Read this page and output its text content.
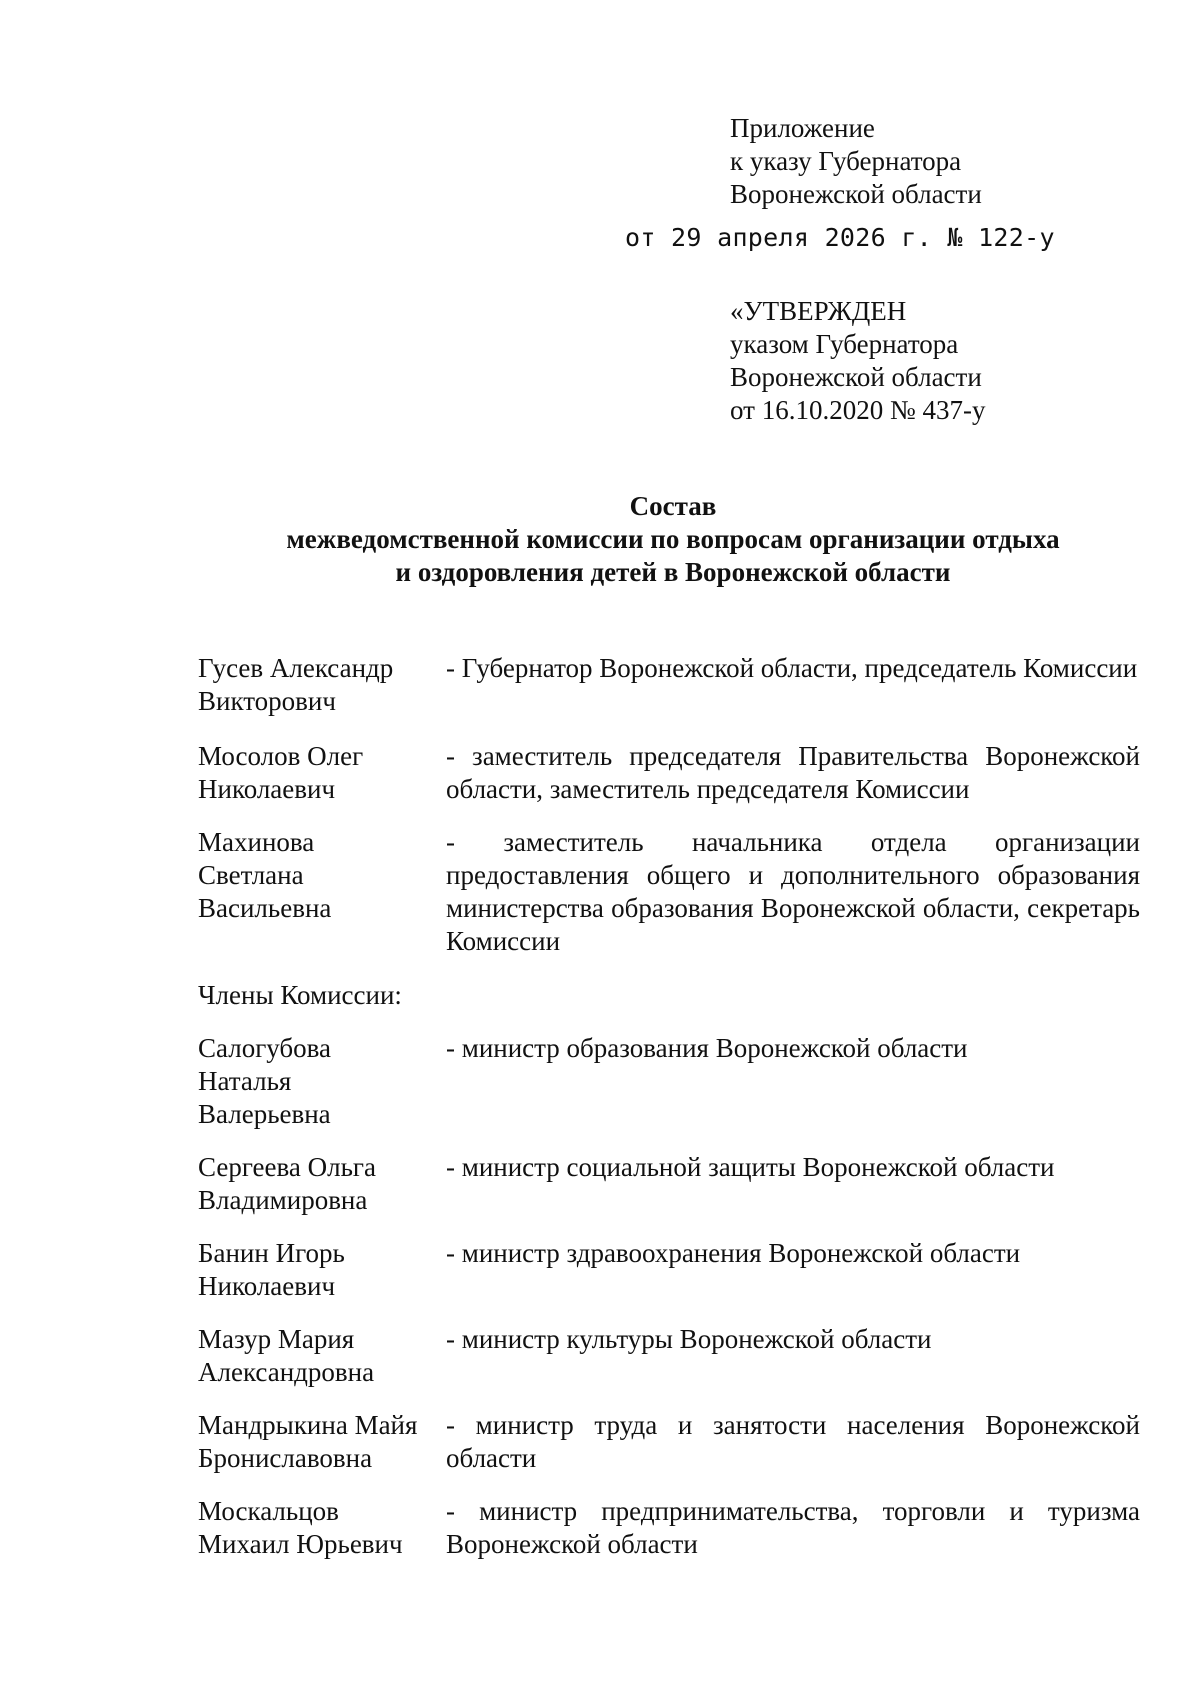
Приложение
к указу Губернатора
Воронежской области
от 29 апреля 2026 г. № 122-у
«УТВЕРЖДЕН
указом Губернатора
Воронежской области
от 16.10.2020 № 437-у
Состав
межведомственной комиссии по вопросам организации отдыха
и оздоровления детей в Воронежской области
Гусев Александр
Викторович
- Губернатор Воронежской области, председатель Комиссии
Мосолов Олег
Николаевич
- заместитель председателя Правительства Воронежской области, заместитель председателя Комиссии
Махинова
Светлана
Васильевна
- заместитель начальника отдела организации предоставления общего и дополнительного образования министерства образования Воронежской области, секретарь Комиссии
Члены Комиссии:
Салогубова
Наталья
Валерьевна
- министр образования Воронежской области
Сергеева Ольга
Владимировна
- министр социальной защиты Воронежской области
Банин Игорь
Николаевич
- министр здравоохранения Воронежской области
Мазур Мария
Александровна
- министр культуры Воронежской области
Мандрыкина Майя
Брониславовна
- министр труда и занятости населения Воронежской области
Москальцов
Михаил Юрьевич
- министр предпринимательства, торговли и туризма Воронежской области
